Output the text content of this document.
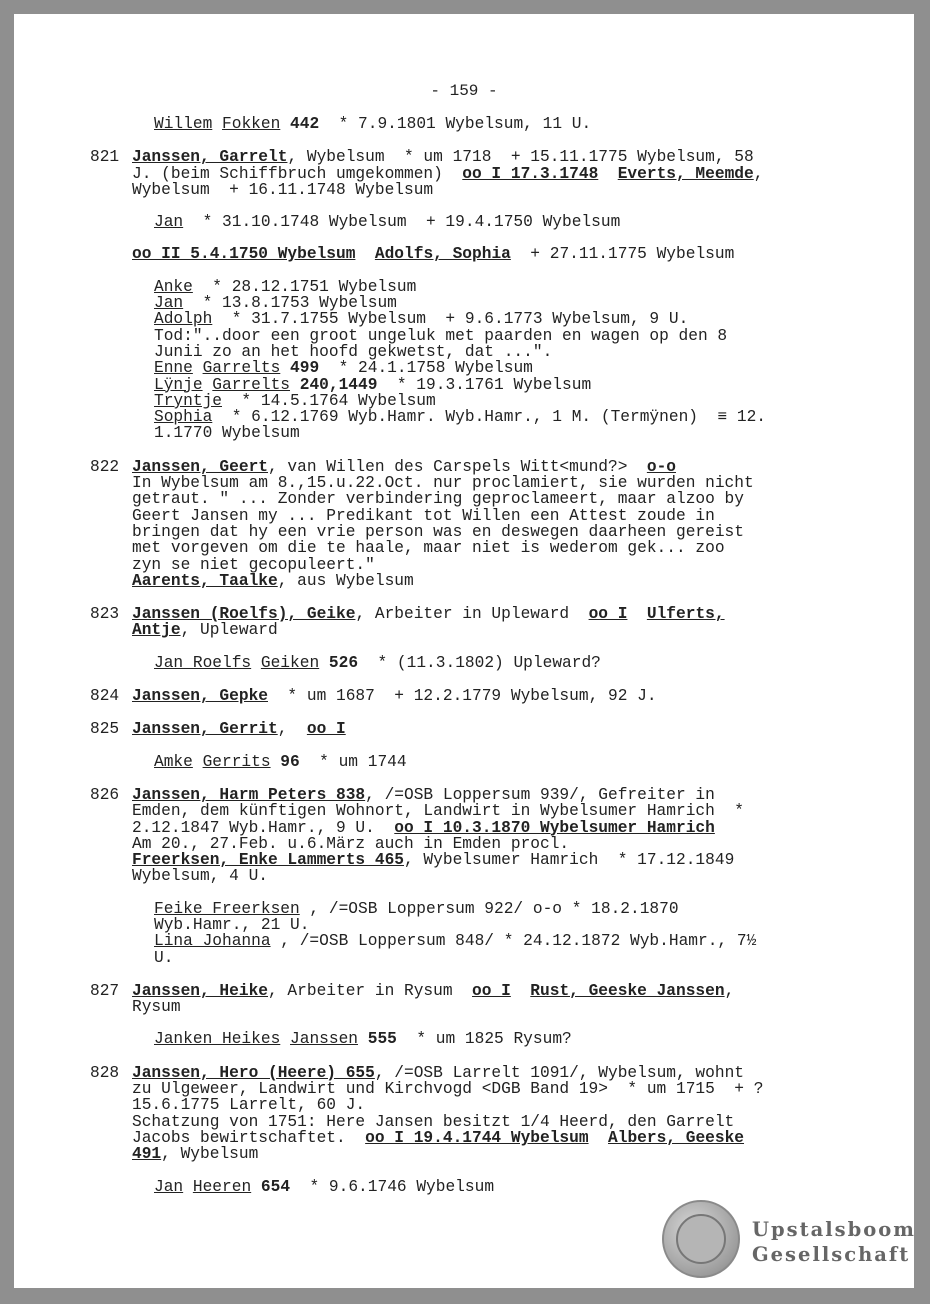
- 159 -
Willem Fokken 442  * 7.9.1801 Wybelsum, 11 U.
821 Janssen, Garrelt, Wybelsum  * um 1718  + 15.11.1775 Wybelsum, 58
J. (beim Schiffbruch umgekommen)  oo I 17.3.1748 Everts, Meemde,
Wybelsum  + 16.11.1748 Wybelsum
Jan  * 31.10.1748 Wybelsum  + 19.4.1750 Wybelsum
oo II 5.4.1750 Wybelsum Adolfs, Sophia  + 27.11.1775 Wybelsum
Anke  * 28.12.1751 Wybelsum
Jan  * 13.8.1753 Wybelsum
Adolph  * 31.7.1755 Wybelsum  + 9.6.1773 Wybelsum, 9 U.
Tod:"..door een groot ungeluk met paarden en wagen op den 8
Junii zo an het hoofd gekwetst, dat ...".
Enne Garrelts 499  * 24.1.1758 Wybelsum
Lÿnje Garrelts 240,1449  * 19.3.1761 Wybelsum
Tryntje  * 14.5.1764 Wybelsum
Sophia  * 6.12.1769 Wyb.Hamr. Wyb.Hamr., 1 M. (Termÿnen)  ≡ 12.
1.1770 Wybelsum
822 Janssen, Geert, van Willen des Carspels Witt<mund?>  o-o
In Wybelsum am 8.,15.u.22.Oct. nur proclamiert, sie wurden nicht
getraut. " ... Zonder verbindering geproclameert, maar alzoo by
Geert Jansen my ... Predikant tot Willen een Attest zoude in
bringen dat hy een vrie person was en deswegen daarheen gereist
met vorgeven om die te haale, maar niet is wederom gek... zoo
zyn se niet gecopuleert."
Aarents, Taalke, aus Wybelsum
823 Janssen (Roelfs), Geike, Arbeiter in Upleward  oo I Ulferts,
Antje, Upleward
Jan Roelfs Geiken 526  * (11.3.1802) Upleward?
824 Janssen, Gepke  * um 1687  + 12.2.1779 Wybelsum, 92 J.
825 Janssen, Gerrit,  oo I
Amke Gerrits 96  * um 1744
826 Janssen, Harm Peters 838, /=OSB Loppersum 939/, Gefreiter in
Emden, dem künftigen Wohnort, Landwirt in Wybelsumer Hamrich  *
2.12.1847 Wyb.Hamr., 9 U.  oo I 10.3.1870 Wybelsumer Hamrich
Am 20., 27.Feb. u.6.März auch in Emden procl.
Freerksen, Enke Lammerts 465, Wybelsumer Hamrich  * 17.12.1849
Wybelsum, 4 U.
Feike Freerksen , /=OSB Loppersum 922/ o-o * 18.2.1870
Wyb.Hamr., 21 U.
Lina Johanna , /=OSB Loppersum 848/ * 24.12.1872 Wyb.Hamr., 7½
U.
827 Janssen, Heike, Arbeiter in Rysum  oo I Rust, Geeske Janssen,
Rysum
Janken Heikes Janssen 555  * um 1825 Rysum?
828 Janssen, Hero (Heere) 655, /=OSB Larrelt 1091/, Wybelsum, wohnt
zu Ulgeweer, Landwirt und Kirchvogd <DGB Band 19>  * um 1715  + ?
15.6.1775 Larrelt, 60 J.
Schatzung von 1751: Here Jansen besitzt 1/4 Heerd, den Garrelt
Jacobs bewirtschaftet.  oo I 19.4.1744 Wybelsum Albers, Geeske
491, Wybelsum
Jan Heeren 654  * 9.6.1746 Wybelsum
Upstalsboom
Gesellschaft
